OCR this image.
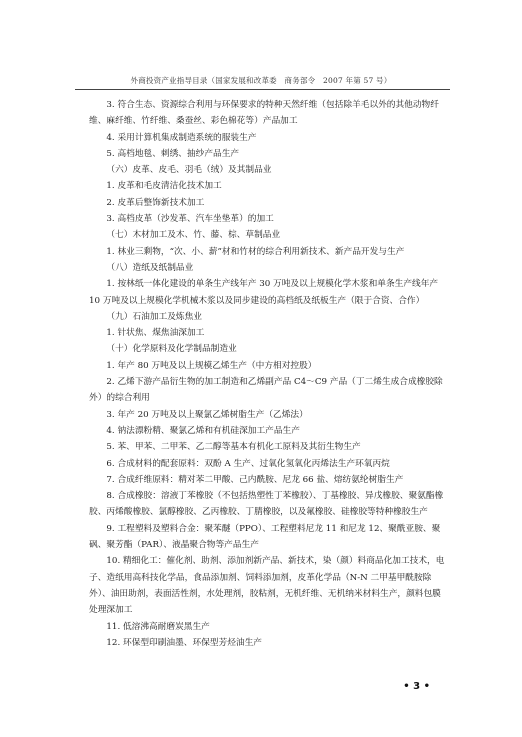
外商投资产业指导目录（国家发展和改革委　商务部令　2007 年第 57 号）

3. 符合生态、资源综合利用与环保要求的特种天然纤维（包括除羊毛以外的其他动物纤维、麻纤维、竹纤维、桑蚕丝、彩色棉花等）产品加工

4. 采用计算机集成制造系统的服装生产

5. 高档地毯、刺绣、抽纱产品生产

（六）皮革、皮毛、羽毛（绒）及其制品业

1. 皮革和毛皮清洁化技术加工

2. 皮革后整饰新技术加工

3. 高档皮革（沙发革、汽车坐垫革）的加工

（七）木材加工及木、竹、藤、棕、草制品业

1. 林业三剩物，“次、小、薪”材和竹材的综合利用新技术、新产品开发与生产

（八）造纸及纸制品业

1. 按林纸一体化建设的单条生产线年产 30 万吨及以上规模化学木浆和单条生产线年产 10 万吨及以上规模化学机械木浆以及同步建设的高档纸及纸板生产（限于合资、合作）

（九）石油加工及炼焦业

1. 针状焦、煤焦油深加工

（十）化学原料及化学制品制造业

1. 年产 80 万吨及以上规模乙烯生产（中方相对控股）

2. 乙烯下游产品衍生物的加工制造和乙烯副产品 C4～C9 产品（丁二烯生成合成橡胶除外）的综合利用

3. 年产 20 万吨及以上聚氯乙烯树脂生产（乙烯法）

4. 钠法漂粉精、聚氯乙烯和有机硅深加工产品生产

5. 苯、甲苯、二甲苯、乙二醇等基本有机化工原料及其衍生物生产

6. 合成材料的配套原料：双酚 A 生产、过氧化氢氧化丙烯法生产环氧丙烷

7. 合成纤维原料：精对苯二甲酸、己内酰胺、尼龙 66 盐、熔纺氨纶树脂生产

8. 合成橡胶：溶液丁苯橡胶（不包括热塑性丁苯橡胶）、丁基橡胶、异戊橡胶、聚氨酯橡胶、丙烯酸橡胶、氯醇橡胶、乙丙橡胶、丁腈橡胶，以及氟橡胶、硅橡胶等特种橡胶生产

9. 工程塑料及塑料合金：聚苯醚（PPO）、工程塑料尼龙 11 和尼龙 12、聚酰亚胺、聚砜、聚芳酯（PAR）、液晶聚合物等产品生产

10. 精细化工：催化剂、助剂、添加剂新产品、新技术，染（颜）料商品化加工技术，电子、造纸用高科技化学品，食品添加剂、饲料添加剂，皮革化学品（N-N 二甲基甲酰胺除外）、油田助剂，表面活性剂，水处理剂，胶粘剂，无机纤维、无机纳米材料生产，颜料包膜处理深加工

11. 低溶沸高耐磨炭黑生产

12. 环保型印刷油墨、环保型芳烃油生产

• 3 •
